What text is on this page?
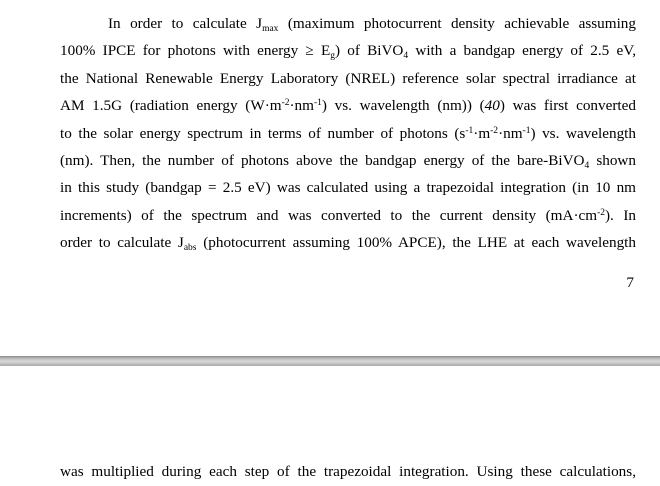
In order to calculate $J_{max}$ (maximum photocurrent density achievable assuming
100% IPCE for photons with energy ≥ $E_g$) of BiVO$_4$ with a bandgap energy of 2.5 eV,
the National Renewable Energy Laboratory (NREL) reference solar spectral irradiance at
AM 1.5G (radiation energy $(W\cdot m^{-2}\cdot nm^{-1})$ vs. wavelength (nm)) (40) was first converted
to the solar energy spectrum in terms of number of photons $(s^{-1}\cdot m^{-2}\cdot nm^{-1})$ vs. wavelength
(nm). Then, the number of photons above the bandgap energy of the bare-BiVO$_4$ shown
in this study (bandgap = 2.5 eV) was calculated using a trapezoidal integration (in 10 nm
increments) of the spectrum and was converted to the current density $(mA\cdot cm^{-2})$. In
order to calculate $J_{abs}$ (photocurrent assuming 100% APCE), the LHE at each wavelength

7

was multiplied during each step of the trapezoidal integration. Using these calculations,
